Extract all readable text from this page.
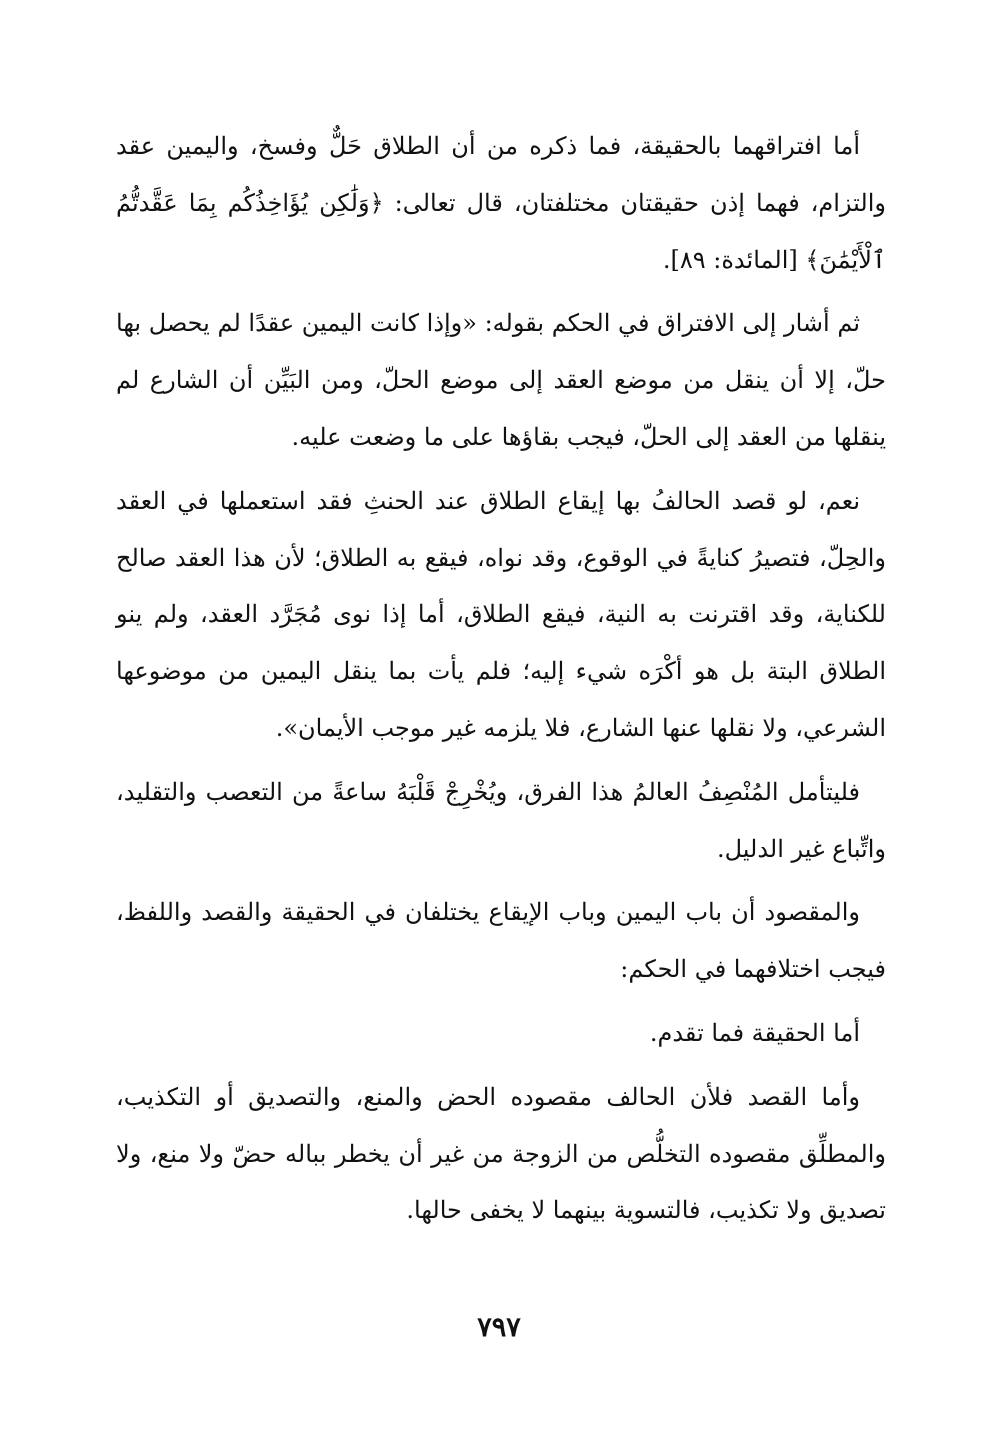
أما افتراقهما بالحقيقة، فما ذكره من أن الطلاق حَلٌّ وفسخ، واليمين عقد والتزام، فهما إذن حقيقتان مختلفتان، قال تعالى: ﴿وَلَٰكِن يُؤَاخِذُكُم بِمَا عَقَّدتُّمُ ٱلْأَيْمَٰنَ﴾ [المائدة: ٨٩].

ثم أشار إلى الافتراق في الحكم بقوله: «وإذا كانت اليمين عقدًا لم يحصل بها حلّ، إلا أن ينقل من موضع العقد إلى موضع الحلّ، ومن البَيِّن أن الشارع لم ينقلها من العقد إلى الحلّ، فيجب بقاؤها على ما وضعت عليه.

نعم، لو قصد الحالفُ بها إيقاع الطلاق عند الحنثِ فقد استعملها في العقد والحِلّ، فتصيرُ كنايةً في الوقوع، وقد نواه، فيقع به الطلاق؛ لأن هذا العقد صالح للكناية، وقد اقترنت به النية، فيقع الطلاق، أما إذا نوى مُجَرَّد العقد، ولم ينو الطلاق البتة بل هو أكْرَه شيء إليه؛ فلم يأت بما ينقل اليمين من موضوعها الشرعي، ولا نقلها عنها الشارع، فلا يلزمه غير موجب الأيمان».

فليتأمل المُنْصِفُ العالمُ هذا الفرق، ويُخْرِجْ قَلْبَهُ ساعةً من التعصب والتقليد، واتِّباع غير الدليل.

والمقصود أن باب اليمين وباب الإيقاع يختلفان في الحقيقة والقصد واللفظ، فيجب اختلافهما في الحكم:

أما الحقيقة فما تقدم.

وأما القصد فلأن الحالف مقصوده الحض والمنع، والتصديق أو التكذيب، والمطلِّق مقصوده التخلُّص من الزوجة من غير أن يخطر بباله حضّ ولا منع، ولا تصديق ولا تكذيب، فالتسوية بينهما لا يخفى حالها.

٧٩٧
